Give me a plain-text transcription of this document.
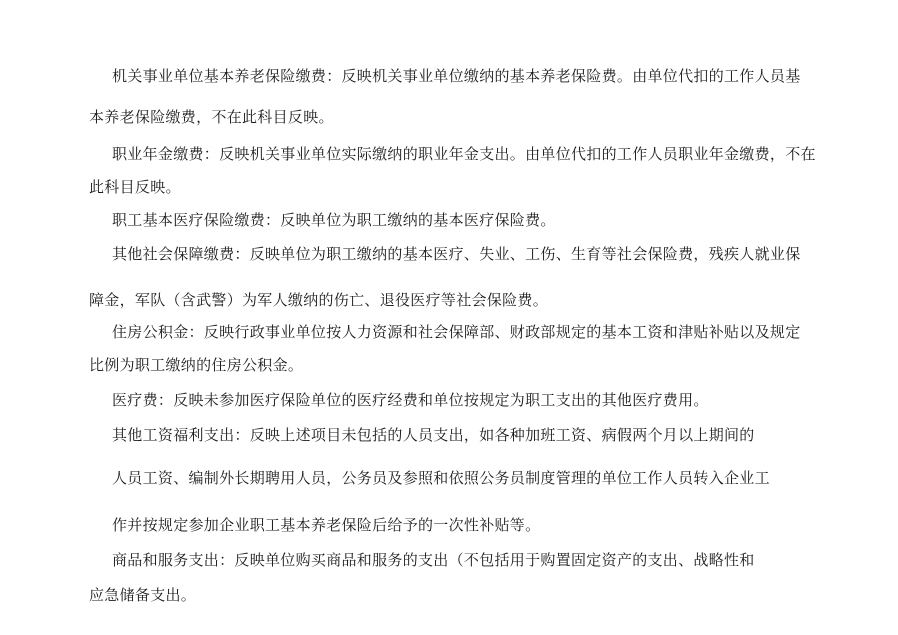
机关事业单位基本养老保险缴费：反映机关事业单位缴纳的基本养老保险费。由单位代扣的工作人员基
本养老保险缴费，不在此科目反映。
职业年金缴费：反映机关事业单位实际缴纳的职业年金支出。由单位代扣的工作人员职业年金缴费，不在
此科目反映。
职工基本医疗保险缴费：反映单位为职工缴纳的基本医疗保险费。
其他社会保障缴费：反映单位为职工缴纳的基本医疗、失业、工伤、生育等社会保险费，残疾人就业保
障金，军队（含武警）为军人缴纳的伤亡、退役医疗等社会保险费。
住房公积金：反映行政事业单位按人力资源和社会保障部、财政部规定的基本工资和津贴补贴以及规定
比例为职工缴纳的住房公积金。
医疗费：反映未参加医疗保险单位的医疗经费和单位按规定为职工支出的其他医疗费用。
其他工资福利支出：反映上述项目未包括的人员支出，如各种加班工资、病假两个月以上期间的
人员工资、编制外长期聘用人员，公务员及参照和依照公务员制度管理的单位工作人员转入企业工
作并按规定参加企业职工基本养老保险后给予的一次性补贴等。
商品和服务支出：反映单位购买商品和服务的支出（不包括用于购置固定资产的支出、战略性和
应急储备支出。
